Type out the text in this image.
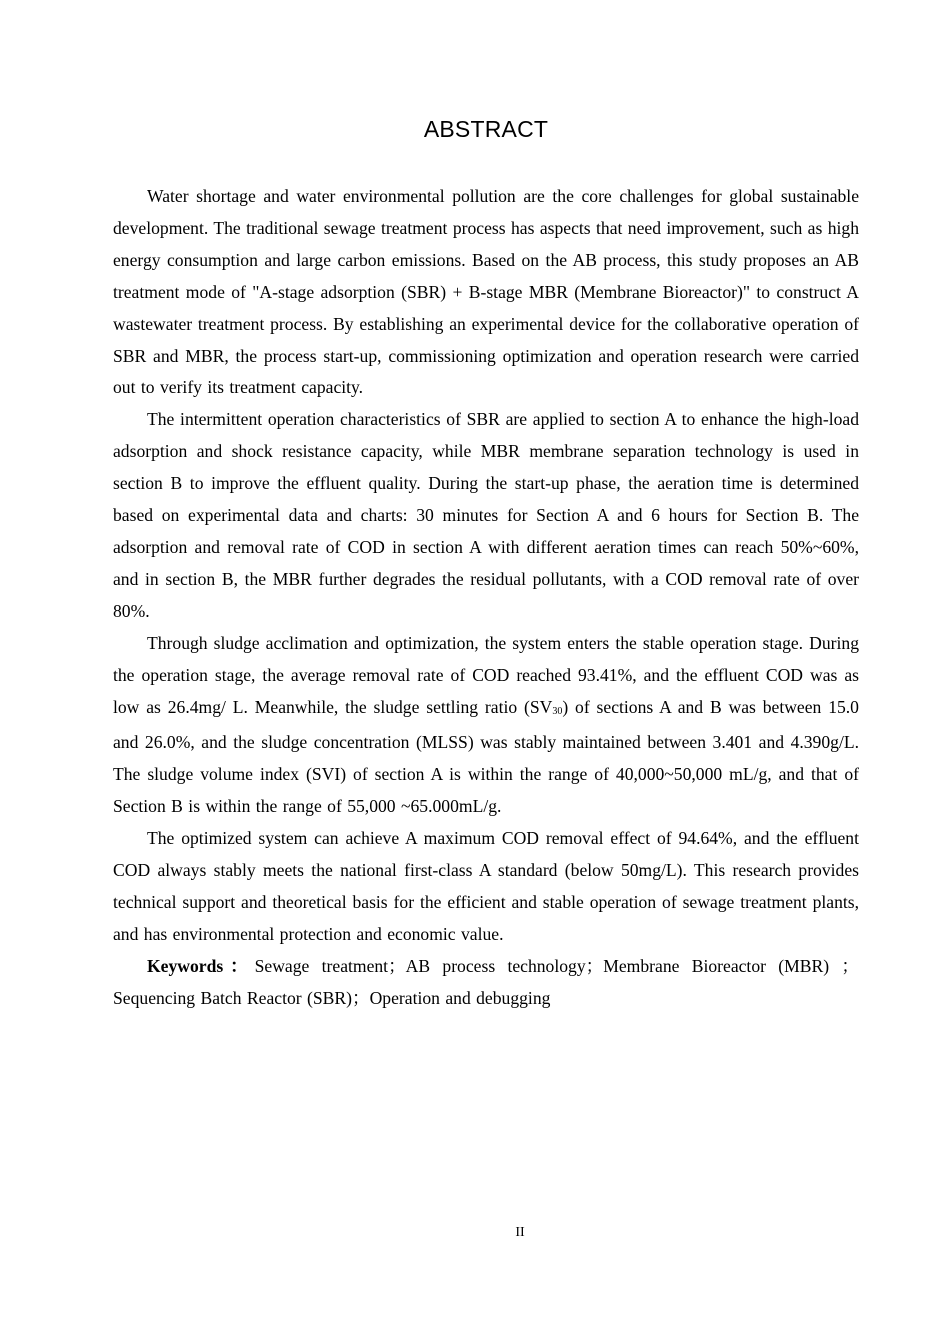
ABSTRACT

Water shortage and water environmental pollution are the core challenges for global sustainable development. The traditional sewage treatment process has aspects that need improvement, such as high energy consumption and large carbon emissions. Based on the AB process, this study proposes an AB treatment mode of "A-stage adsorption (SBR) + B-stage MBR (Membrane Bioreactor)" to construct A wastewater treatment process. By establishing an experimental device for the collaborative operation of SBR and MBR, the process start-up, commissioning optimization and operation research were carried out to verify its treatment capacity.

The intermittent operation characteristics of SBR are applied to section A to enhance the high-load adsorption and shock resistance capacity, while MBR membrane separation technology is used in section B to improve the effluent quality. During the start-up phase, the aeration time is determined based on experimental data and charts: 30 minutes for Section A and 6 hours for Section B. The adsorption and removal rate of COD in section A with different aeration times can reach 50%~60%, and in section B, the MBR further degrades the residual pollutants, with a COD removal rate of over 80%.

Through sludge acclimation and optimization, the system enters the stable operation stage. During the operation stage, the average removal rate of COD reached 93.41%, and the effluent COD was as low as 26.4mg/ L. Meanwhile, the sludge settling ratio (SV30) of sections A and B was between 15.0 and 26.0%, and the sludge concentration (MLSS) was stably maintained between 3.401 and 4.390g/L. The sludge volume index (SVI) of section A is within the range of 40,000~50,000 mL/g, and that of Section B is within the range of 55,000 ~65.000mL/g.

The optimized system can achieve A maximum COD removal effect of 94.64%, and the effluent COD always stably meets the national first-class A standard (below 50mg/L). This research provides technical support and theoretical basis for the efficient and stable operation of sewage treatment plants, and has environmental protection and economic value.

Keywords：Sewage treatment；AB process technology；Membrane Bioreactor (MBR) ；Sequencing Batch Reactor (SBR)；Operation and debugging

II
